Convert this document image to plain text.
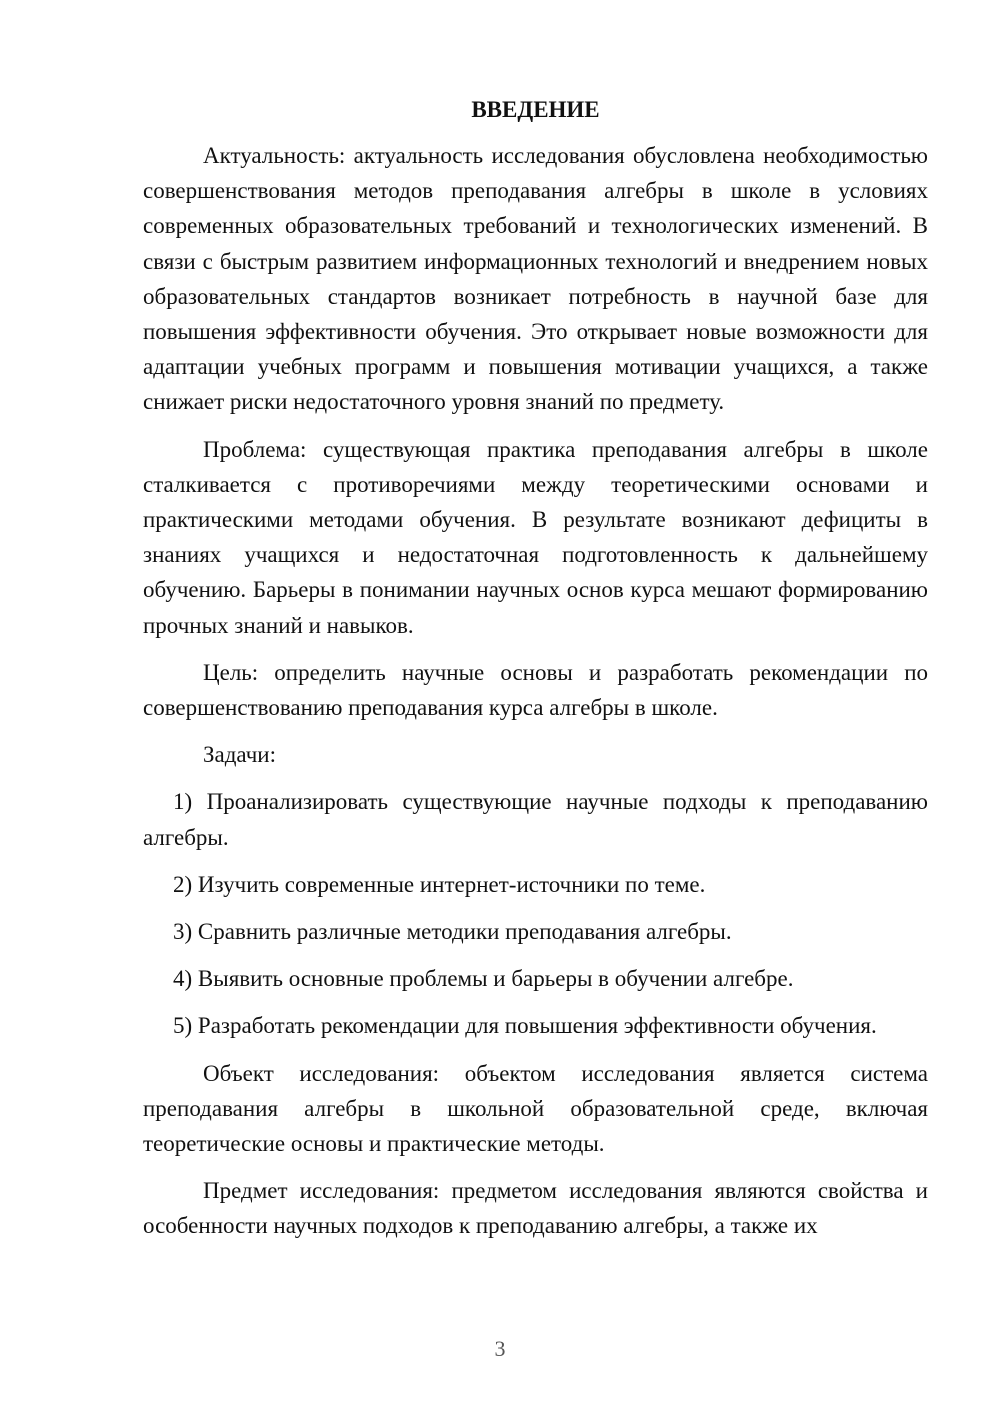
ВВЕДЕНИЕ

Актуальность: актуальность исследования обусловлена необходимостью совершенствования методов преподавания алгебры в школе в условиях современных образовательных требований и технологических изменений. В связи с быстрым развитием информационных технологий и внедрением новых образовательных стандартов возникает потребность в научной базе для повышения эффективности обучения. Это открывает новые возможности для адаптации учебных программ и повышения мотивации учащихся, а также снижает риски недостаточного уровня знаний по предмету.

Проблема: существующая практика преподавания алгебры в школе сталкивается с противоречиями между теоретическими основами и практическими методами обучения. В результате возникают дефициты в знаниях учащихся и недостаточная подготовленность к дальнейшему обучению. Барьеры в понимании научных основ курса мешают формированию прочных знаний и навыков.

Цель: определить научные основы и разработать рекомендации по совершенствованию преподавания курса алгебры в школе.

Задачи:

1) Проанализировать существующие научные подходы к преподаванию алгебры.

2) Изучить современные интернет-источники по теме.

3) Сравнить различные методики преподавания алгебры.

4) Выявить основные проблемы и барьеры в обучении алгебре.

5) Разработать рекомендации для повышения эффективности обучения.

Объект исследования: объектом исследования является система преподавания алгебры в школьной образовательной среде, включая теоретические основы и практические методы.

Предмет исследования: предметом исследования являются свойства и особенности научных подходов к преподаванию алгебры, а также их

3
